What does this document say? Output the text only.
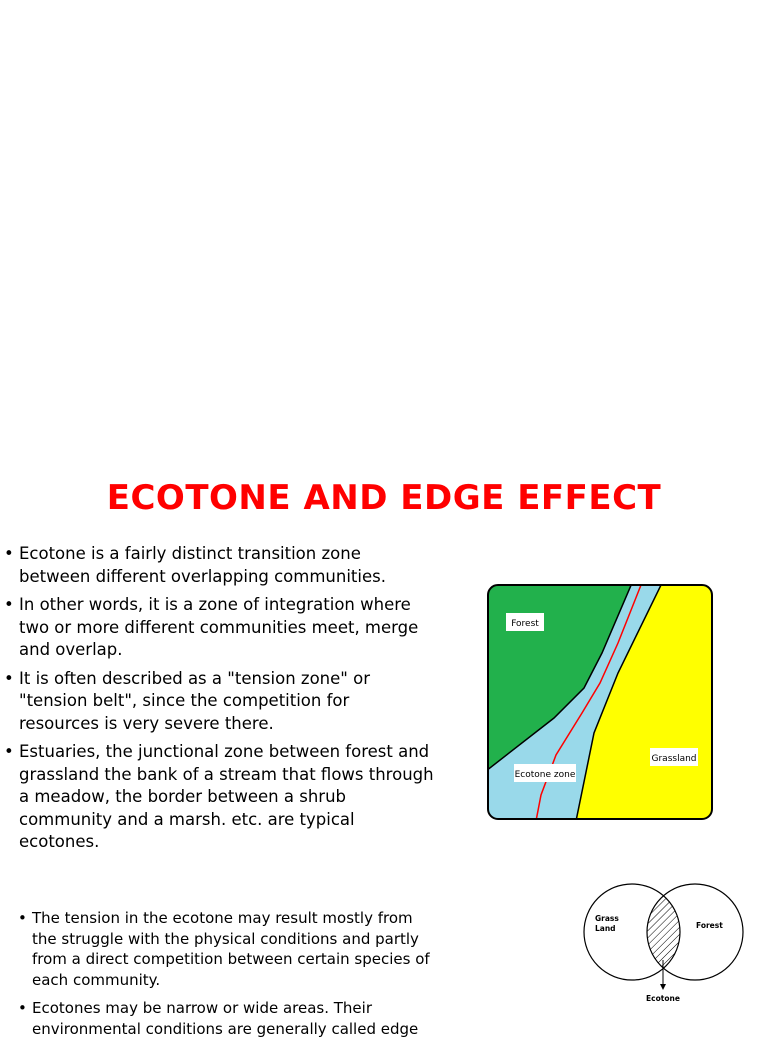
ECOTONE AND EDGE EFFECT
• Ecotone is a fairly distinct transition zone between different overlapping communities.
• In other words, it is a zone of integration where two or more different communities meet, merge and overlap.
• It is often described as a "tension zone" or "tension belt", since the competition for resources is very severe there.
• Estuaries, the junctional zone between forest and grassland the bank of a stream that flows through a meadow, the border between a shrub community and a marsh. etc. are typical ecotones.
• The tension in the ecotone may result mostly from the struggle with the physical conditions and partly from a direct competition between certain species of each community.
• Ecotones may be narrow or wide areas. Their environmental conditions are generally called edge
Forest
Ecotone zone
Grassland
Grass
Land	Forest
Ecotone
